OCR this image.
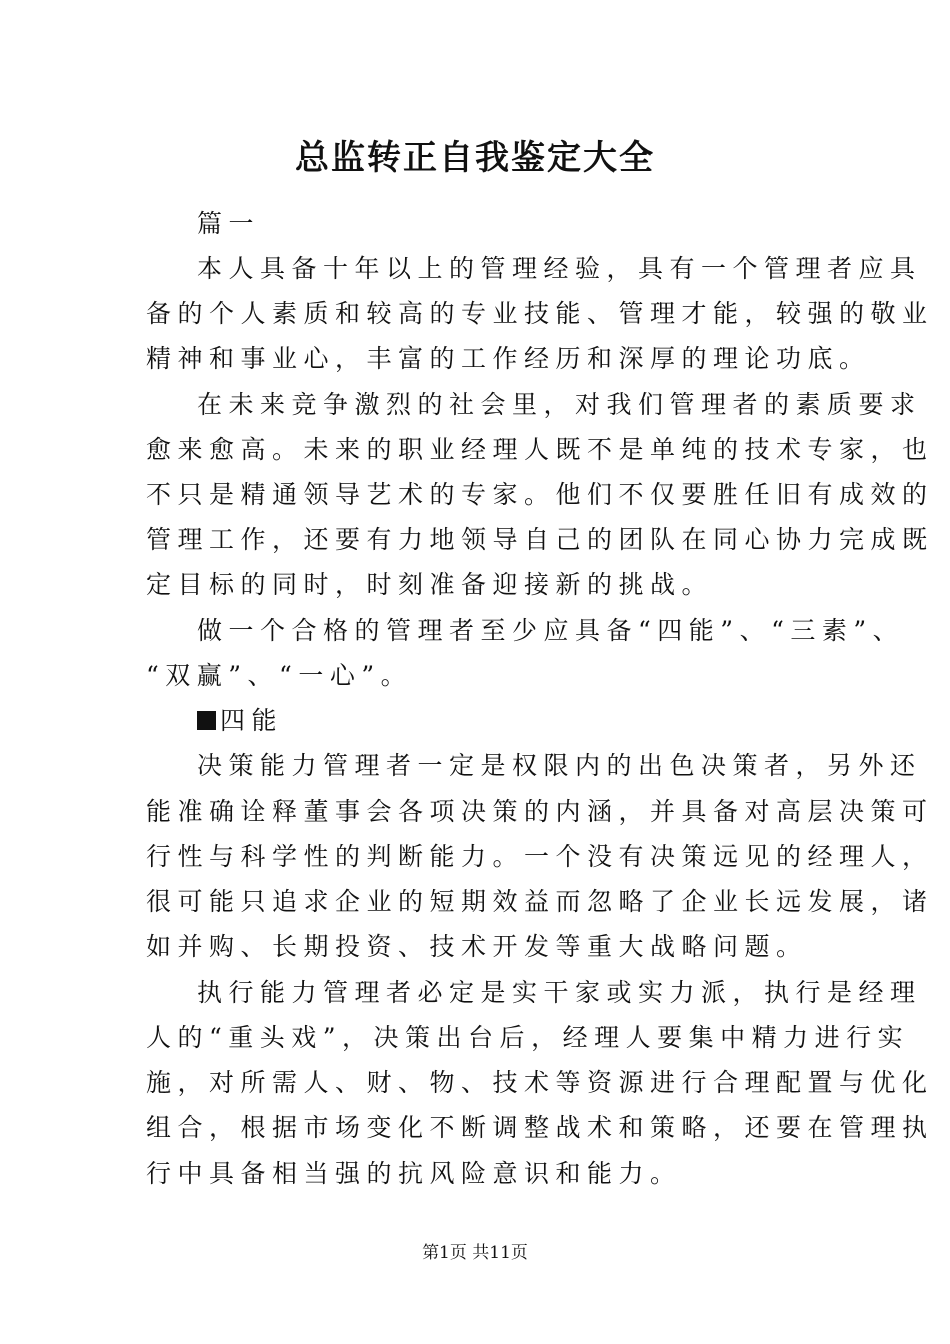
总监转正自我鉴定大全
篇一
本人具备十年以上的管理经验，具有一个管理者应具
备的个人素质和较高的专业技能、管理才能，较强的敬业
精神和事业心，丰富的工作经历和深厚的理论功底。
在未来竞争激烈的社会里，对我们管理者的素质要求
愈来愈高。未来的职业经理人既不是单纯的技术专家，也
不只是精通领导艺术的专家。他们不仅要胜任旧有成效的
管理工作，还要有力地领导自己的团队在同心协力完成既
定目标的同时，时刻准备迎接新的挑战。
做一个合格的管理者至少应具备“四能”、“三素”、
“双赢”、“一心”。
四能
决策能力管理者一定是权限内的出色决策者，另外还
能准确诠释董事会各项决策的内涵，并具备对高层决策可
行性与科学性的判断能力。一个没有决策远见的经理人，
很可能只追求企业的短期效益而忽略了企业长远发展，诸
如并购、长期投资、技术开发等重大战略问题。
执行能力管理者必定是实干家或实力派，执行是经理
人的“重头戏”，决策出台后，经理人要集中精力进行实
施，对所需人、财、物、技术等资源进行合理配置与优化
组合，根据市场变化不断调整战术和策略，还要在管理执
行中具备相当强的抗风险意识和能力。
第1页 共11页
